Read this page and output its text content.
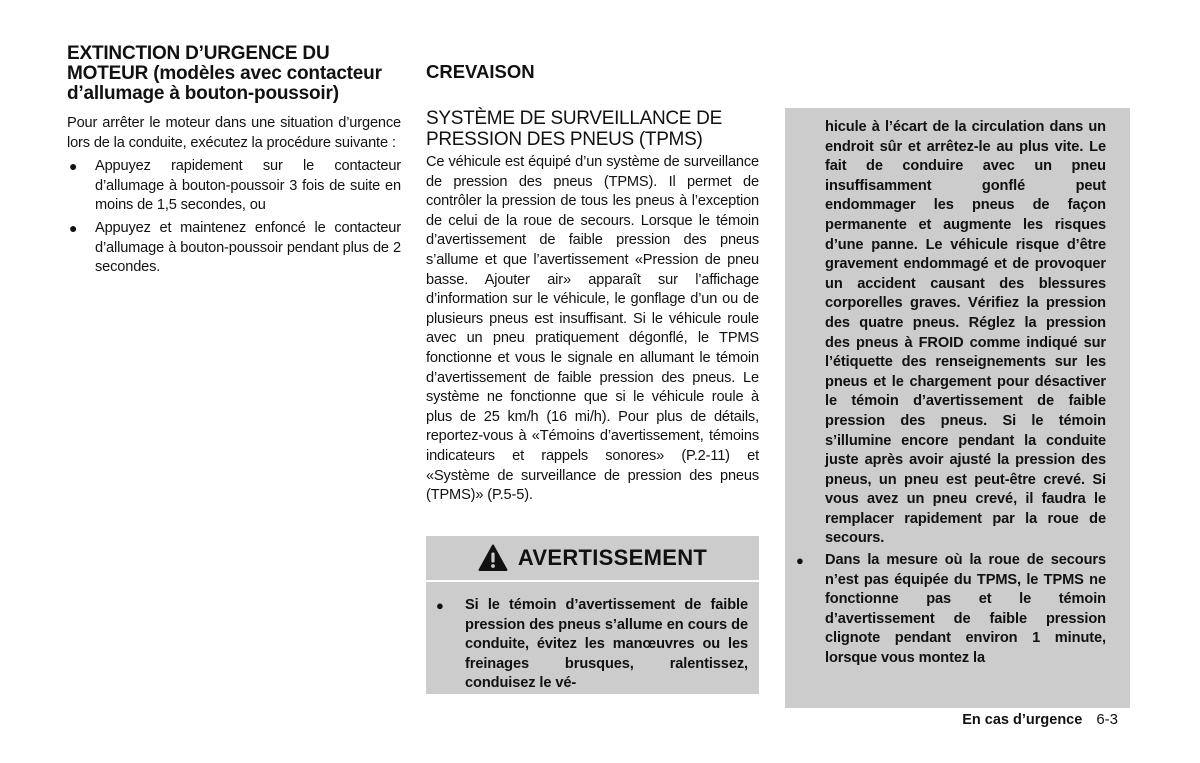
EXTINCTION D’URGENCE DU MOTEUR (modèles avec contacteur d’allumage à bouton-poussoir)

Pour arrêter le moteur dans une situation d’urgence lors de la conduite, exécutez la procédure suivante :

● Appuyez rapidement sur le contacteur d’allumage à bouton-poussoir 3 fois de suite en moins de 1,5 secondes, ou
● Appuyez et maintenez enfoncé le contacteur d’allumage à bouton-poussoir pendant plus de 2 secondes.
CREVAISON
SYSTÈME DE SURVEILLANCE DE PRESSION DES PNEUS (TPMS)

Ce véhicule est équipé d’un système de surveillance de pression des pneus (TPMS). Il permet de contrôler la pression de tous les pneus à l’exception de celui de la roue de secours. Lorsque le témoin d’avertissement de faible pression des pneus s’allume et que l’avertissement «Pression de pneu basse. Ajouter air» apparaît sur l’affichage d’information sur le véhicule, le gonflage d’un ou de plusieurs pneus est insuffisant. Si le véhicule roule avec un pneu pratiquement dégonflé, le TPMS fonctionne et vous le signale en allumant le témoin d’avertissement de faible pression des pneus. Le système ne fonctionne que si le véhicule roule à plus de 25 km/h (16 mi/h). Pour plus de détails, reportez-vous à «Témoins d’avertissement, témoins indicateurs et rappels sonores» (P.2-11) et «Système de surveillance de pression des pneus (TPMS)» (P.5-5).

AVERTISSEMENT
● Si le témoin d’avertissement de faible pression des pneus s’allume en cours de conduite, évitez les manœuvres ou les freinages brusques, ralentissez, conduisez le vé-

hicule à l’écart de la circulation dans un endroit sûr et arrêtez-le au plus vite. Le fait de conduire avec un pneu insuffisamment gonflé peut endommager les pneus de façon permanente et augmente les risques d’une panne. Le véhicule risque d’être gravement endommagé et de provoquer un accident causant des blessures corporelles graves. Vérifiez la pression des quatre pneus. Réglez la pression des pneus à FROID comme indiqué sur l’étiquette des renseignements sur les pneus et le chargement pour désactiver le témoin d’avertissement de faible pression des pneus. Si le témoin s’illumine encore pendant la conduite juste après avoir ajusté la pression des pneus, un pneu est peut-être crevé. Si vous avez un pneu crevé, il faudra le remplacer rapidement par la roue de secours.

● Dans la mesure où la roue de secours n’est pas équipée du TPMS, le TPMS ne fonctionne pas et le témoin d’avertissement de faible pression clignote pendant environ 1 minute, lorsque vous montez la
En cas d’urgence 6-3
